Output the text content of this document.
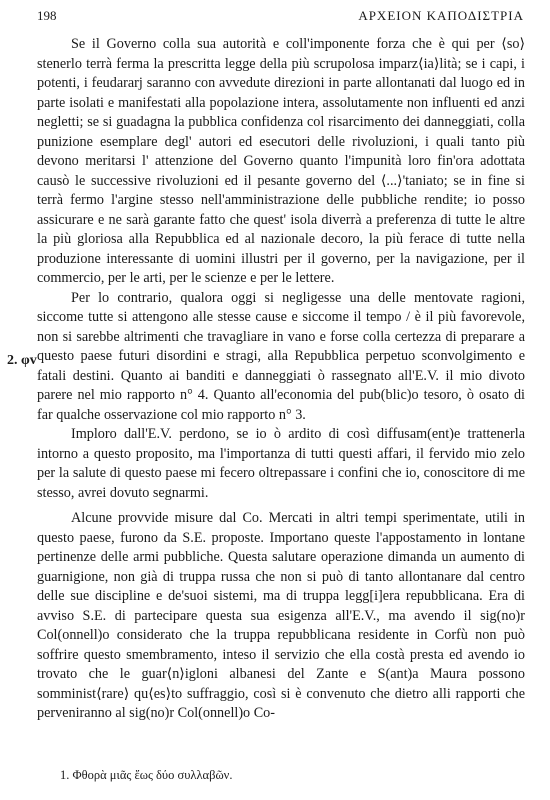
198	ΑΡΧΕΙΟΝ ΚΑΠΟΔΙΣΤΡΙΑ
2. φv

Se il Governo colla sua autorità e coll'imponente forza che è qui per ⟨so⟩stenerlo terrà ferma la prescritta legge della più scrupolosa imparz⟨ia⟩lità; se i capi, i potenti, i feudararj saranno con avvedute direzioni in parte allontanati dal luogo ed in parte isolati e manifestati alla popolazione intera, assolutamente non influenti ed anzi negletti; se si guadagna la pubblica confidenza col risarcimento dei danneggiati, colla punizione esemplare degl' autori ed esecutori delle rivoluzioni, i quali tanto più devono meritarsi l' attenzione del Governo quanto l'impunità loro fin'ora adottata causò le successive rivoluzioni ed il pesante governo del ⟨...⟩'taniato; se in fine si terrà fermo l'argine stesso nell'amministrazione delle pubbliche rendite; io posso assicurare e ne sarà garante fatto che quest' isola diverrà a preferenza di tutte le altre la più gloriosa alla Repubblica ed al nazionale decoro, la più ferace di tutte nella produzione interessante di uomini illustri per il governo, per la navigazione, per il commercio, per le arti, per le scienze e per le lettere.

Per lo contrario, qualora oggi si negligesse una delle mentovate ragioni, siccome tutte si attengono alle stesse cause e siccome il tempo / è il più favorevole, non si sarebbe altrimenti che travagliare in vano e forse colla certezza di preparare a questo paese futuri disordini e stragi, alla Repubblica perpetuo sconvolgimento e fatali destini. Quanto ai banditi e danneggiati ò rassegnato all'E.V. il mio divoto parere nel mio rapporto n° 4. Quanto all'economia del pub(blic)o tesoro, ò osato di far qualche osservazione col mio rapporto n° 3.

Imploro dall'E.V. perdono, se io ò ardito di così diffusam(ent)e trattenerla intorno a questo proposito, ma l'importanza di tutti questi affari, il fervido mio zelo per la salute di questo paese mi fecero oltrepassare i confini che io, conoscitore di me stesso, avrei dovuto segnarmi.

Alcune provvide misure dal Co. Mercati in altri tempi sperimentate, utili in questo paese, furono da S.E. proposte. Importano queste l'appostamento in lontane pertinenze delle armi pubbliche. Questa salutare operazione dimanda un aumento di guarnigione, non già di truppa russa che non si può di tanto allontanare dal centro delle sue discipline e de'suoi sistemi, ma di truppa legg[i]era repubblicana. Era di avviso S.E. di partecipare questa sua esigenza all'E.V., ma avendo il sig(no)r Col(onnell)o considerato che la truppa repubblicana residente in Corfù non può soffrire questo smembramento, inteso il servizio che ella costà presta ed avendo io trovato che le guar⟨n⟩igloni albanesi del Zante e S(ant)a Maura possono somminist⟨rare⟩ qu⟨es⟩to suffraggio, così si è convenuto che dietro alli rapporti che perveniranno al sig(no)r Col(onnell)o Co-

1. Φθορὰ μιᾶς ἕως δύο συλλαβῶν.
